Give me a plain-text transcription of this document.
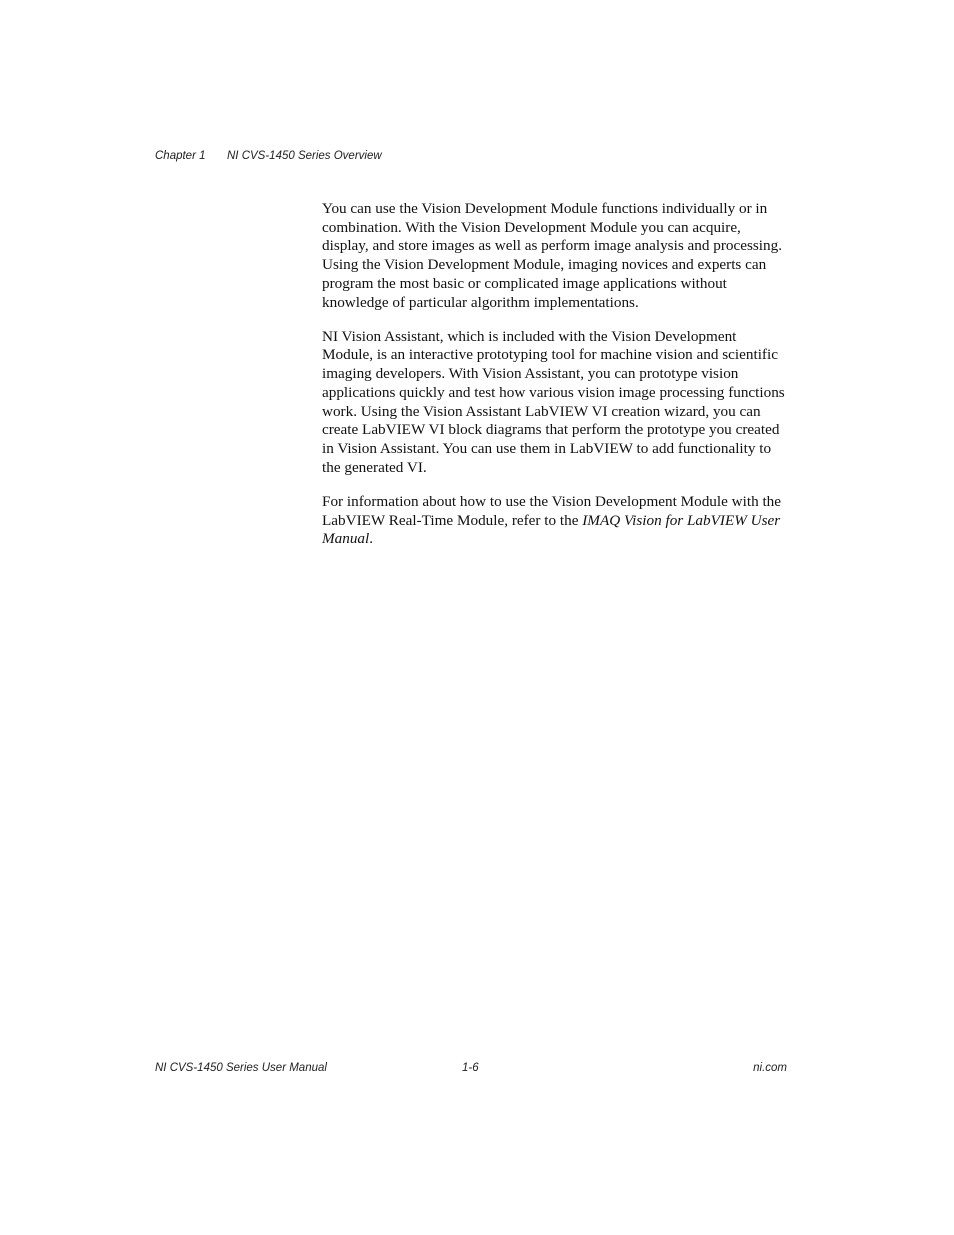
Chapter 1 NI CVS-1450 Series Overview

You can use the Vision Development Module functions individually or in combination. With the Vision Development Module you can acquire, display, and store images as well as perform image analysis and processing. Using the Vision Development Module, imaging novices and experts can program the most basic or complicated image applications without knowledge of particular algorithm implementations.

NI Vision Assistant, which is included with the Vision Development Module, is an interactive prototyping tool for machine vision and scientific imaging developers. With Vision Assistant, you can prototype vision applications quickly and test how various vision image processing functions work. Using the Vision Assistant LabVIEW VI creation wizard, you can create LabVIEW VI block diagrams that perform the prototype you created in Vision Assistant. You can use them in LabVIEW to add functionality to the generated VI.

For information about how to use the Vision Development Module with the LabVIEW Real-Time Module, refer to the IMAQ Vision for LabVIEW User Manual.

NI CVS-1450 Series User Manual	1-6	ni.com
